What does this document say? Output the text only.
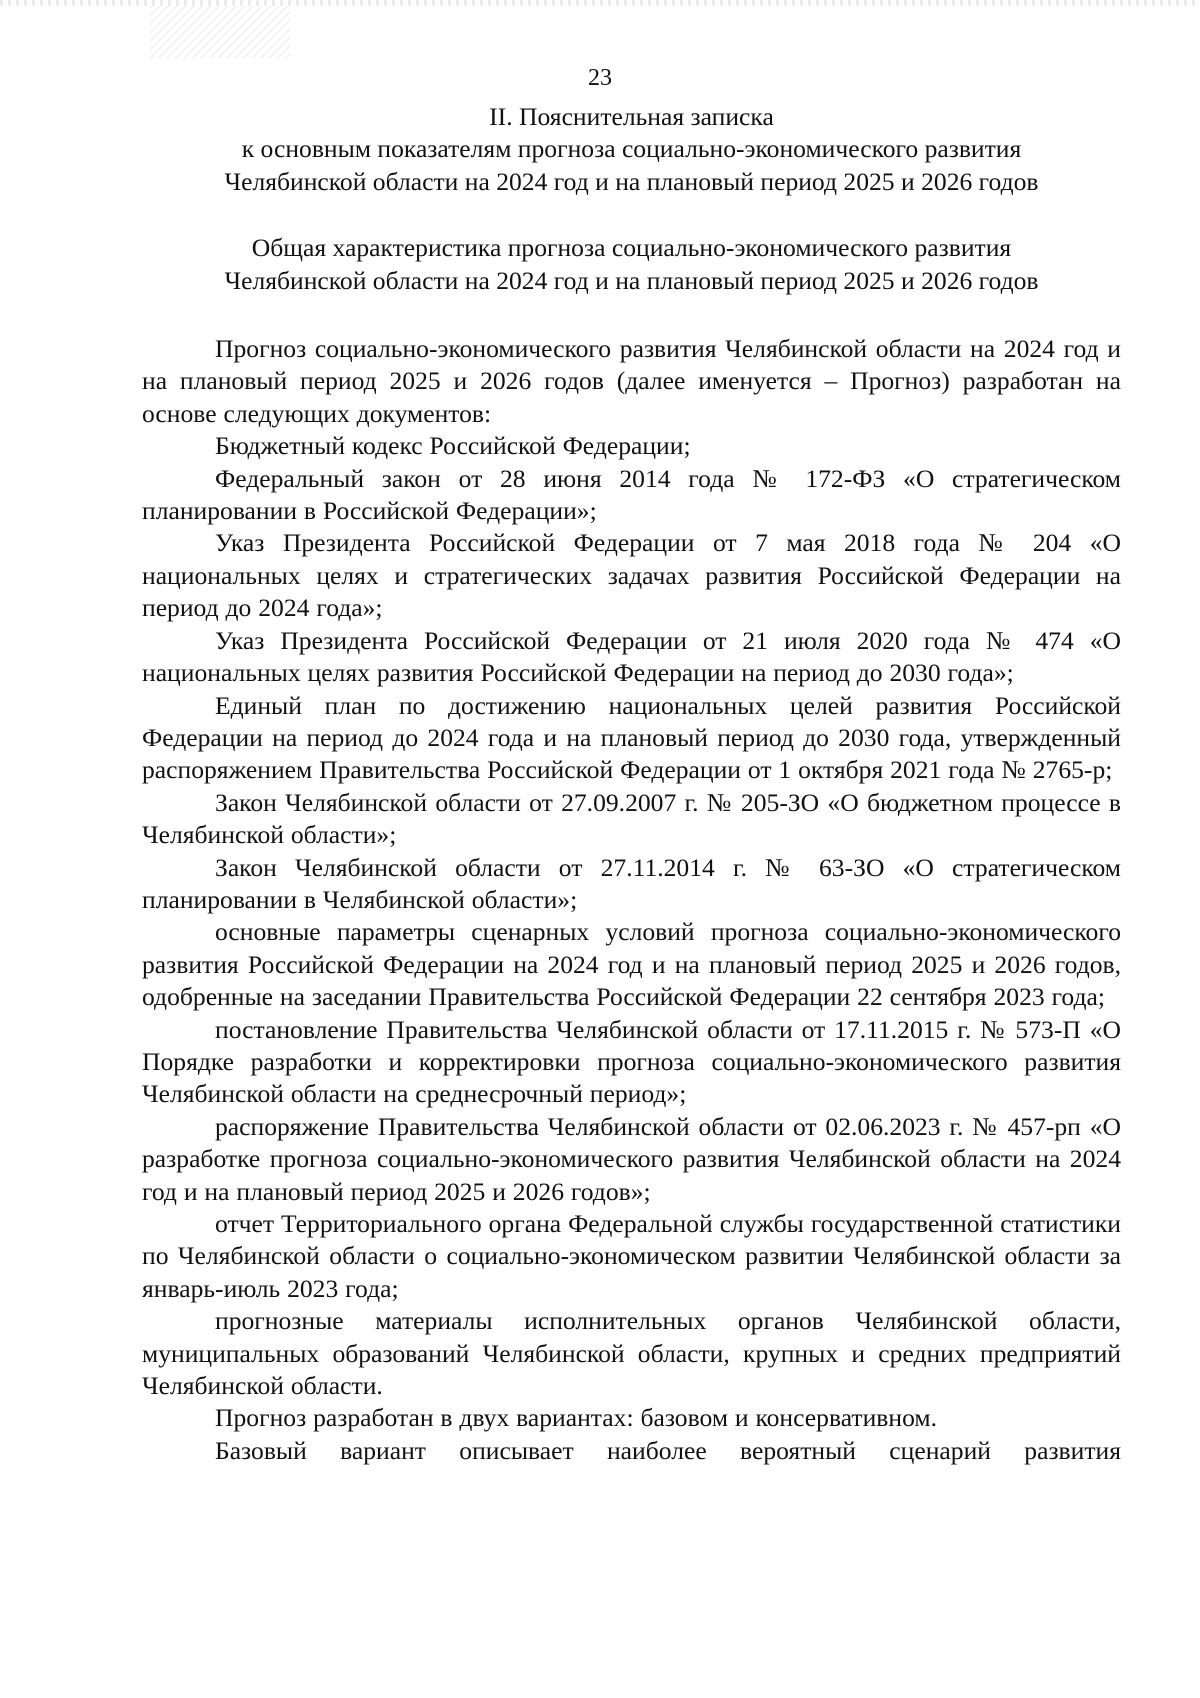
23

II. Пояснительная записка

к основным показателям прогноза социально-экономического развития

Челябинской области на 2024 год и на плановый период 2025 и 2026 годов

Общая характеристика прогноза социально-экономического развития

Челябинской области на 2024 год и на плановый период 2025 и 2026 годов

Прогноз социально-экономического развития Челябинской области на 2024 год и на плановый период 2025 и 2026 годов (далее именуется – Прогноз) разработан на основе следующих документов:

Бюджетный кодекс Российской Федерации;

Федеральный закон от 28 июня 2014 года № 172-ФЗ «О стратегическом планировании в Российской Федерации»;

Указ Президента Российской Федерации от 7 мая 2018 года № 204 «О национальных целях и стратегических задачах развития Российской Федерации на период до 2024 года»;

Указ Президента Российской Федерации от 21 июля 2020 года № 474 «О национальных целях развития Российской Федерации на период до 2030 года»;

Единый план по достижению национальных целей развития Российской Федерации на период до 2024 года и на плановый период до 2030 года, утвержденный распоряжением Правительства Российской Федерации от 1 октября 2021 года № 2765-р;

Закон Челябинской области от 27.09.2007 г. № 205-ЗО «О бюджетном процессе в Челябинской области»;

Закон Челябинской области от 27.11.2014 г. № 63-ЗО «О стратегическом планировании в Челябинской области»;

основные параметры сценарных условий прогноза социально-экономического развития Российской Федерации на 2024 год и на плановый период 2025 и 2026 годов, одобренные на заседании Правительства Российской Федерации 22 сентября 2023 года;

постановление Правительства Челябинской области от 17.11.2015 г. № 573-П «О Порядке разработки и корректировки прогноза социально-экономического развития Челябинской области на среднесрочный период»;

распоряжение Правительства Челябинской области от 02.06.2023 г. № 457-рп «О разработке прогноза социально-экономического развития Челябинской области на 2024 год и на плановый период 2025 и 2026 годов»;

отчет Территориального органа Федеральной службы государственной статистики по Челябинской области о социально-экономическом развитии Челябинской области за январь-июль 2023 года;

прогнозные материалы исполнительных органов Челябинской области, муниципальных образований Челябинской области, крупных и средних предприятий Челябинской области.

Прогноз разработан в двух вариантах: базовом и консервативном.

Базовый вариант описывает наиболее вероятный сценарий развития
